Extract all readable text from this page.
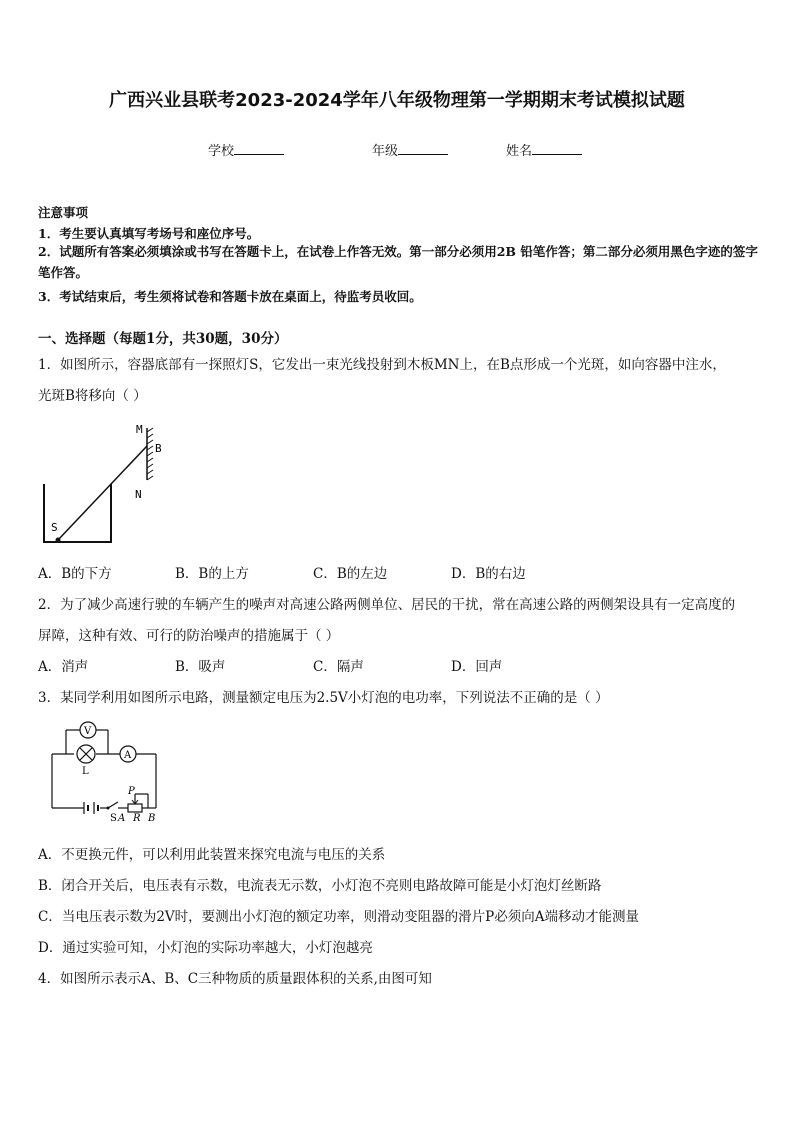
广西兴业县联考2023-2024学年八年级物理第一学期期末考试模拟试题
学校	年级	姓名
注意事项
1．考生要认真填写考场号和座位序号。
2．试题所有答案必须填涂或书写在答题卡上，在试卷上作答无效。第一部分必须用2B 铅笔作答；第二部分必须用黑色字迹的签字笔作答。
3．考试结束后，考生须将试卷和答题卡放在桌面上，待监考员收回。
一、选择题（每题1分，共30题，30分）
1．如图所示，容器底部有一探照灯S，它发出一束光线投射到木板MN上，在B点形成一个光斑，如向容器中注水，
光斑B将移向（ ）
M
B
N
S
A．B的下方	B．B的上方	C．B的左边	D．B的右边
2．为了减少高速行驶的车辆产生的噪声对高速公路两侧单位、居民的干扰，常在高速公路的两侧架设具有一定高度的
屏障，这种有效、可行的防治噪声的措施属于（ ）
A．消声	B．吸声	C．隔声	D．回声
3．某同学利用如图所示电路，测量额定电压为2.5V小灯泡的电功率，下列说法不正确的是（ ）
V
L
A
S
P
A R B
A．不更换元件，可以利用此装置来探究电流与电压的关系
B．闭合开关后，电压表有示数，电流表无示数，小灯泡不亮则电路故障可能是小灯泡灯丝断路
C．当电压表示数为2V时，要测出小灯泡的额定功率，则滑动变阻器的滑片P必须向A端移动才能测量
D．通过实验可知，小灯泡的实际功率越大，小灯泡越亮
4．如图所示表示A、B、C三种物质的质量跟体积的关系,由图可知
